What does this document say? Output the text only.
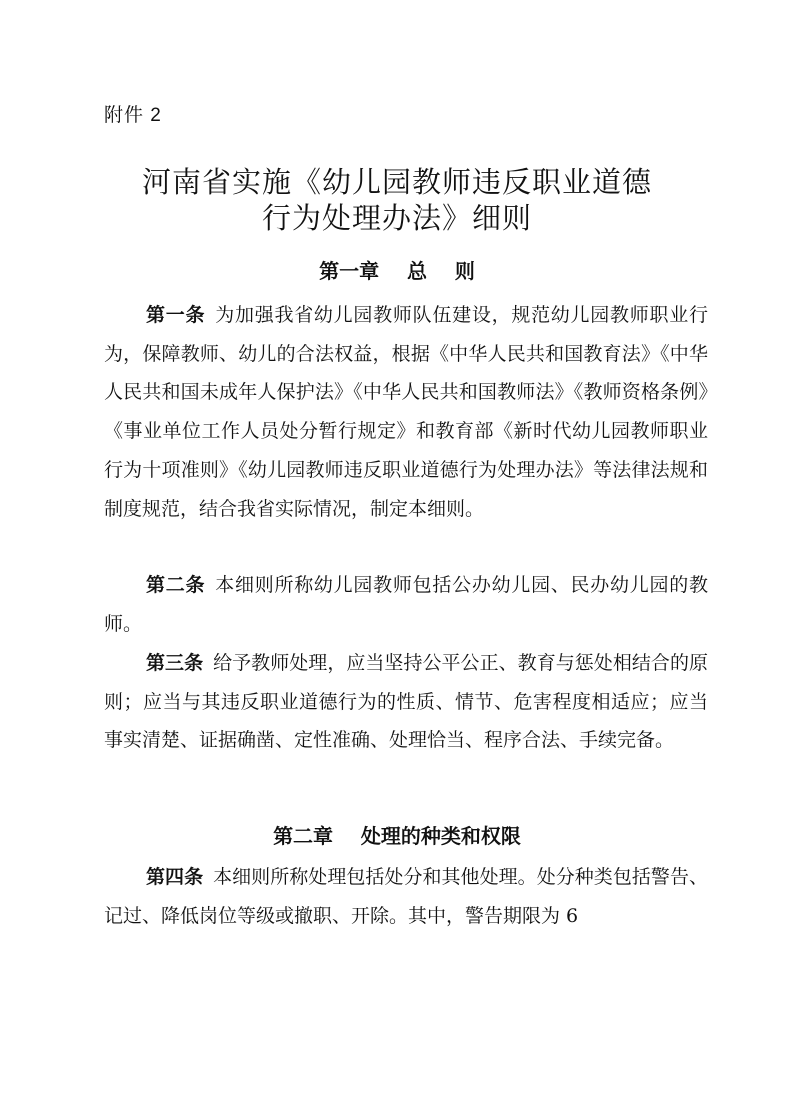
附件 2
河南省实施《幼儿园教师违反职业道德
行为处理办法》细则
第一章    总    则
第一条 为加强我省幼儿园教师队伍建设，规范幼儿园教师职业行为，保障教师、幼儿的合法权益，根据《中华人民共和国教育法》《中华人民共和国未成年人保护法》《中华人民共和国教师法》《教师资格条例》《事业单位工作人员处分暂行规定》和教育部《新时代幼儿园教师职业行为十项准则》《幼儿园教师违反职业道德行为处理办法》等法律法规和制度规范，结合我省实际情况，制定本细则。
第二条 本细则所称幼儿园教师包括公办幼儿园、民办幼儿园的教师。
第三条 给予教师处理，应当坚持公平公正、教育与惩处相结合的原则；应当与其违反职业道德行为的性质、情节、危害程度相适应；应当事实清楚、证据确凿、定性准确、处理恰当、程序合法、手续完备。
第二章    处理的种类和权限
第四条 本细则所称处理包括处分和其他处理。处分种类包括警告、记过、降低岗位等级或撤职、开除。其中，警告期限为 6
